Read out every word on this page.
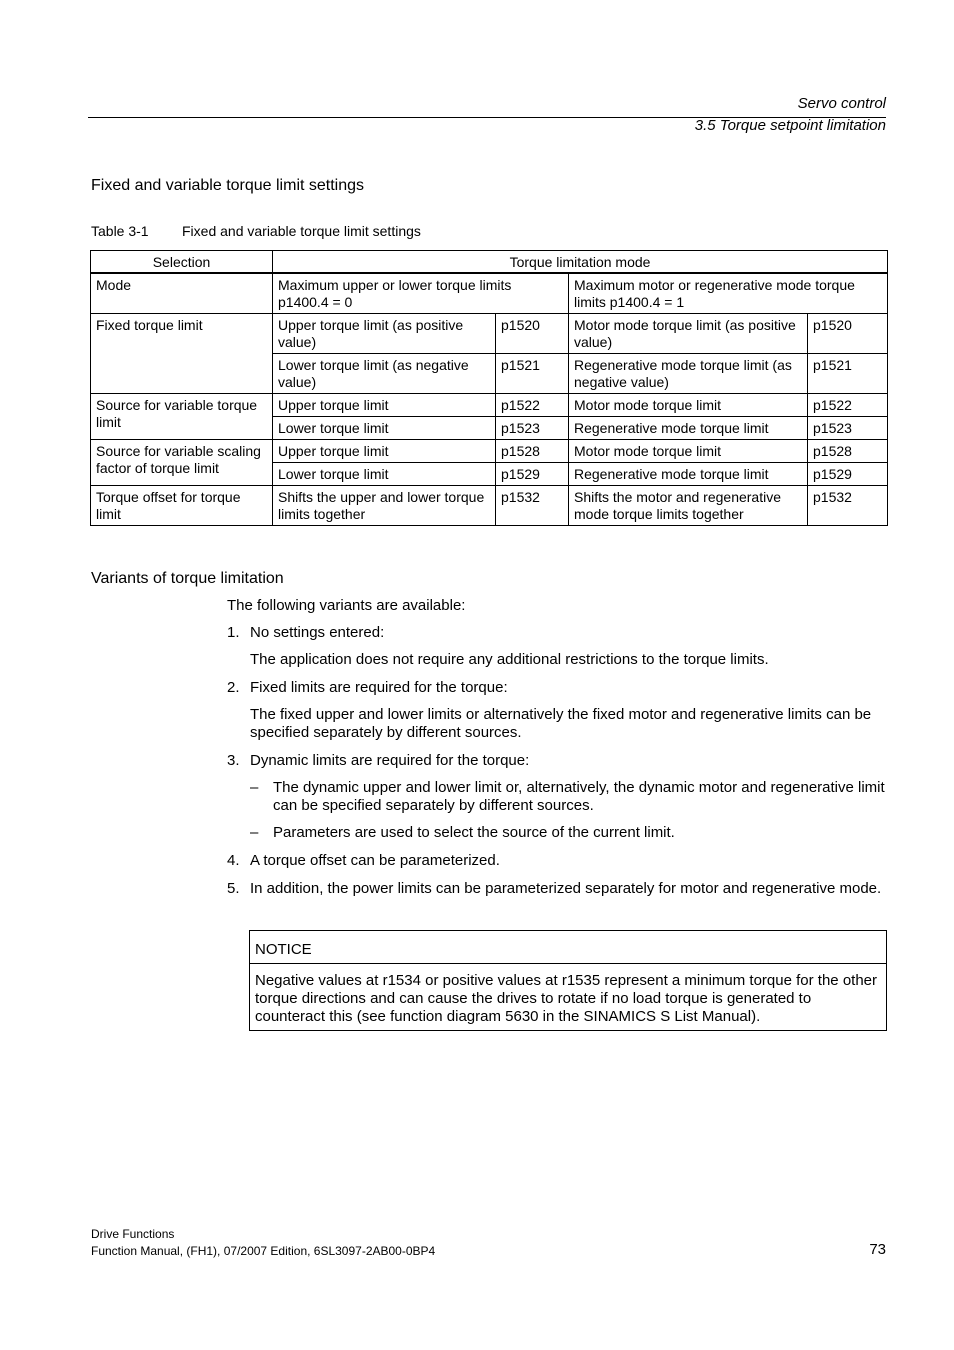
Servo control
3.5 Torque setpoint limitation
Fixed and variable torque limit settings
Table 3-1 Fixed and variable torque limit settings
Selection	Torque limitation mode			
Mode	Maximum upper or lower torque limits p1400.4 = 0		Maximum motor or regenerative mode torque limits p1400.4 = 1	
Fixed torque limit	Upper torque limit (as positive value)	p1520	Motor mode torque limit (as positive value)	p1520
	Lower torque limit (as negative value)	p1521	Regenerative mode torque limit (as negative value)	p1521
Source for variable torque limit	Upper torque limit	p1522	Motor mode torque limit	p1522
	Lower torque limit	p1523	Regenerative mode torque limit	p1523
Source for variable scaling factor of torque limit	Upper torque limit	p1528	Motor mode torque limit	p1528
	Lower torque limit	p1529	Regenerative mode torque limit	p1529
Torque offset for torque limit	Shifts the upper and lower torque limits together	p1532	Shifts the motor and regenerative mode torque limits together	p1532
Variants of torque limitation
The following variants are available:
1. No settings entered:
The application does not require any additional restrictions to the torque limits.
2. Fixed limits are required for the torque:
The fixed upper and lower limits or alternatively the fixed motor and regenerative limits can be specified separately by different sources.
3. Dynamic limits are required for the torque:
– The dynamic upper and lower limit or, alternatively, the dynamic motor and regenerative limit can be specified separately by different sources.
– Parameters are used to select the source of the current limit.
4. A torque offset can be parameterized.
5. In addition, the power limits can be parameterized separately for motor and regenerative mode.
NOTICE
Negative values at r1534 or positive values at r1535 represent a minimum torque for the other torque directions and can cause the drives to rotate if no load torque is generated to counteract this (see function diagram 5630 in the SINAMICS S List Manual).
Drive Functions
Function Manual, (FH1), 07/2007 Edition, 6SL3097-2AB00-0BP4	73
